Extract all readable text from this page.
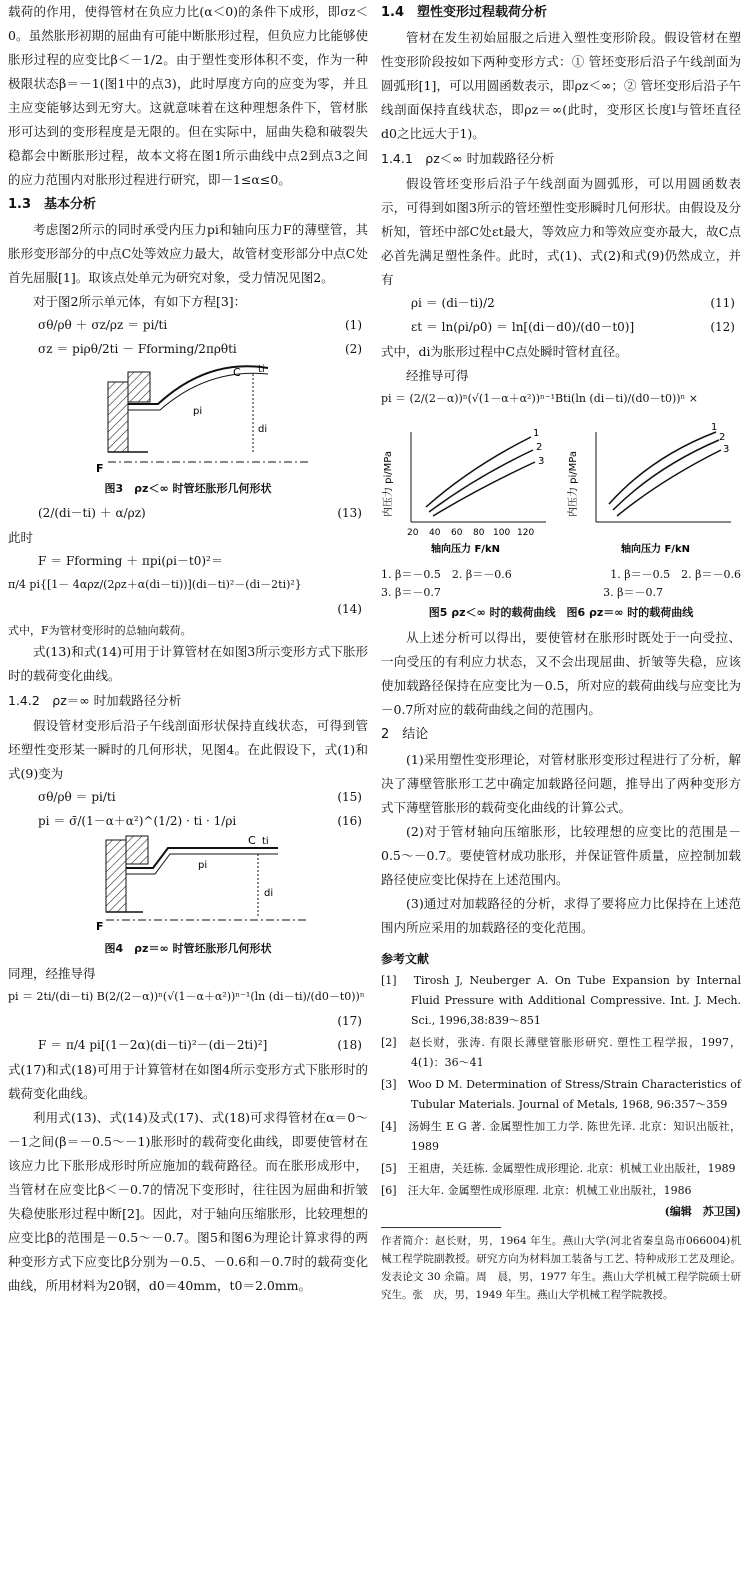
载荷的作用，使得管材在负应力比(α＜0)的条件下成形，即σz＜0。虽然胀形初期的屈曲有可能中断胀形过程，但负应力比能够使胀形过程的应变比β＜－1/2。由于塑性变形体积不变，作为一种极限状态β＝－1(图1中的点3)，此时厚度方向的应变为零，并且主应变能够达到无穷大。这就意味着在这种理想条件下，管材胀形可达到的变形程度是无限的。但在实际中，屈曲失稳和破裂失稳都会中断胀形过程，故本文将在图1所示曲线中点2到点3之间的应力范围内对胀形过程进行研究，即－1≤α≤0。

1.3　基本分析

考虑图2所示的同时承受内压力pi和轴向压力F的薄壁管，其胀形变形部分的中点C处等效应力最大，故管材变形部分中点C处首先屈服[1]。取该点处单元为研究对象，受力情况见图2。

对于图2所示单元体，有如下方程[3]：

σθ/ρθ ＋ σz/ρz ＝ pi/ti	(1)
σz ＝ piρθ/2ti － Fforming/2πρθti	(2)
C ti
pi
di
F
图3　ρz＜∞ 时管坯胀形几何形状
(2/(di－ti) ＋ α/ρz)	(13)

此时

F ＝ Fforming ＋ πpi(ρi－t0)²＝
π/4 pi{[1－ 4αρz/(2ρz＋α(di－ti))](di－ti)²－(di－2ti)²}
(14)

式中，F为管材变形时的总轴向载荷。

式(13)和式(14)可用于计算管材在如图3所示变形方式下胀形时的载荷变化曲线。

1.4.2　ρz＝∞ 时加载路径分析

假设管材变形后沿子午线剖面形状保持直线状态，可得到管坯塑性变形某一瞬时的几何形状，见图4。在此假设下，式(1)和式(9)变为

σθ/ρθ ＝ pi/ti	(15)
pi ＝ σ̄/(1－α＋α²)^(1/2) · ti · 1/ρi	(16)
C ti
pi
di
F
图4　ρz＝∞ 时管坯胀形几何形状

同理，经推导得

pi ＝ 2ti/(di－ti) B(2/(2－α))ⁿ(√(1－α＋α²))ⁿ⁻¹(ln (di－ti)/(d0－t0))ⁿ
(17)
F ＝ π/4 pi[(1－2α)(di－ti)²－(di－2ti)²]	(18)

式(17)和式(18)可用于计算管材在如图4所示变形方式下胀形时的载荷变化曲线。

利用式(13)、式(14)及式(17)、式(18)可求得管材在α＝0～－1之间(β＝－0.5～－1)胀形时的载荷变化曲线，即要使管材在该应力比下胀形成形时所应施加的载荷路径。而在胀形成形中，当管材在应变比β＜－0.7的情况下变形时，往往因为屈曲和折皱失稳使胀形过程中断[2]。因此，对于轴向压缩胀形，比较理想的应变比β的范围是－0.5～－0.7。图5和图6为理论计算求得的两种变形方式下应变比β分别为－0.5、－0.6和－0.7时的载荷变化曲线，所用材料为20钢，d0＝40mm，t0＝2.0mm。

1.4　塑性变形过程载荷分析

管材在发生初始屈服之后进入塑性变形阶段。假设管材在塑性变形阶段按如下两种变形方式：① 管坯变形后沿子午线剖面为圆弧形[1]，可以用圆函数表示，即ρz＜∞；② 管坯变形后沿子午线剖面保持直线状态，即ρz＝∞(此时，变形区长度l与管坯直径d0之比远大于1)。

1.4.1　ρz＜∞ 时加载路径分析

假设管坯变形后沿子午线剖面为圆弧形，可以用圆函数表示，可得到如图3所示的管坯塑性变形瞬时几何形状。由假设及分析知，管坯中部C处εt最大，等效应力和等效应变亦最大，故C点必首先满足塑性条件。此时，式(1)、式(2)和式(9)仍然成立，并有

ρi ＝ (di－ti)/2	(11)
εt ＝ ln(ρi/ρ0) ＝ ln[(di－d0)/(d0－t0)]	(12)

式中，di为胀形过程中C点处瞬时管材直径。

经推导可得

pi ＝ (2/(2－α))ⁿ(√(1－α＋α²))ⁿ⁻¹Bti(ln (di－ti)/(d0－t0))ⁿ ×
内压力 pi/MPa
1
2
3
20 40 60 80 100 120
轴向压力 F/kN
内压力 pi/MPa
1
2
3
轴向压力 F/kN
1. β＝－0.5　2. β＝－0.6	1. β＝－0.5　2. β＝－0.6
3. β＝－0.7	3. β＝－0.7
图5 ρz＜∞ 时的载荷曲线　图6 ρz＝∞ 时的载荷曲线

从上述分析可以得出，要使管材在胀形时既处于一向受拉、一向受压的有利应力状态，又不会出现屈曲、折皱等失稳，应该使加载路径保持在应变比为－0.5，所对应的载荷曲线与应变比为－0.7所对应的载荷曲线之间的范围内。

2　结论

(1)采用塑性变形理论，对管材胀形变形过程进行了分析，解决了薄壁管胀形工艺中确定加载路径问题，推导出了两种变形方式下薄壁管胀形的载荷变化曲线的计算公式。

(2)对于管材轴向压缩胀形，比较理想的应变比的范围是－0.5～－0.7。要使管材成功胀形，并保证管件质量，应控制加载路径使应变比保持在上述范围内。

(3)通过对加载路径的分析，求得了要将应力比保持在上述范围内所应采用的加载路径的变化范围。

参考文献

[1]　Tirosh J, Neuberger A. On Tube Expansion by Internal Fluid Pressure with Additional Compressive. Int. J. Mech. Sci., 1996,38:839～851

[2]　赵长财，张涛. 有限长薄壁管胀形研究. 塑性工程学报，1997，4(1)：36～41

[3]　Woo D M. Determination of Stress/Strain Characteristics of Tubular Materials. Journal of Metals, 1968, 96:357～359

[4]　汤姆生 E G 著. 金属塑性加工力学. 陈世先译. 北京：知识出版社，1989

[5]　王祖唐，关廷栋. 金属塑性成形理论. 北京：机械工业出版社，1989

[6]　汪大年. 金属塑性成形原理. 北京：机械工业出版社，1986

(编辑　苏卫国)

作者简介：赵长财，男，1964 年生。燕山大学(河北省秦皇岛市066004)机械工程学院副教授。研究方向为材料加工装备与工艺、特种成形工艺及理论。发表论文 30 余篇。周　晨，男，1977 年生。燕山大学机械工程学院硕士研究生。张　庆，男，1949 年生。燕山大学机械工程学院教授。
